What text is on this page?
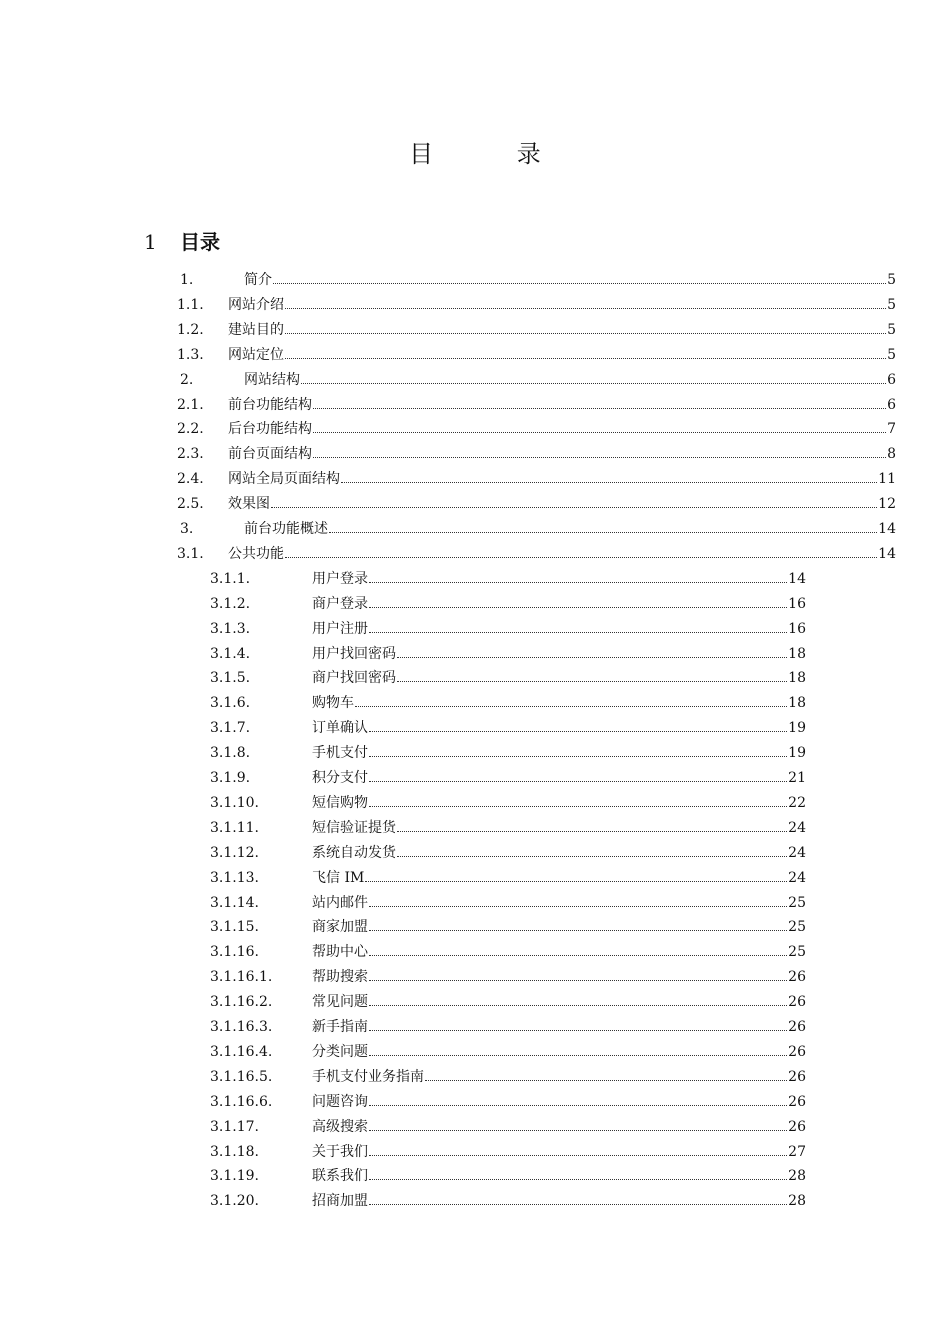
目 录
1 目录
1.	简介	5
1.1.	网站介绍	5
1.2.	建站目的	5
1.3.	网站定位	5
2.	网站结构	6
2.1.	前台功能结构	6
2.2.	后台功能结构	7
2.3.	前台页面结构	8
2.4.	网站全局页面结构	11
2.5.	效果图	12
3.	前台功能概述	14
3.1.	公共功能	14
3.1.1.	用户登录	14
3.1.2.	商户登录	16
3.1.3.	用户注册	16
3.1.4.	用户找回密码	18
3.1.5.	商户找回密码	18
3.1.6.	购物车	18
3.1.7.	订单确认	19
3.1.8.	手机支付	19
3.1.9.	积分支付	21
3.1.10.	短信购物	22
3.1.11.	短信验证提货	24
3.1.12.	系统自动发货	24
3.1.13.	飞信 IM	24
3.1.14.	站内邮件	25
3.1.15.	商家加盟	25
3.1.16.	帮助中心	25
3.1.16.1.	帮助搜索	26
3.1.16.2.	常见问题	26
3.1.16.3.	新手指南	26
3.1.16.4.	分类问题	26
3.1.16.5.	手机支付业务指南	26
3.1.16.6.	问题咨询	26
3.1.17.	高级搜索	26
3.1.18.	关于我们	27
3.1.19.	联系我们	28
3.1.20.	招商加盟	28
